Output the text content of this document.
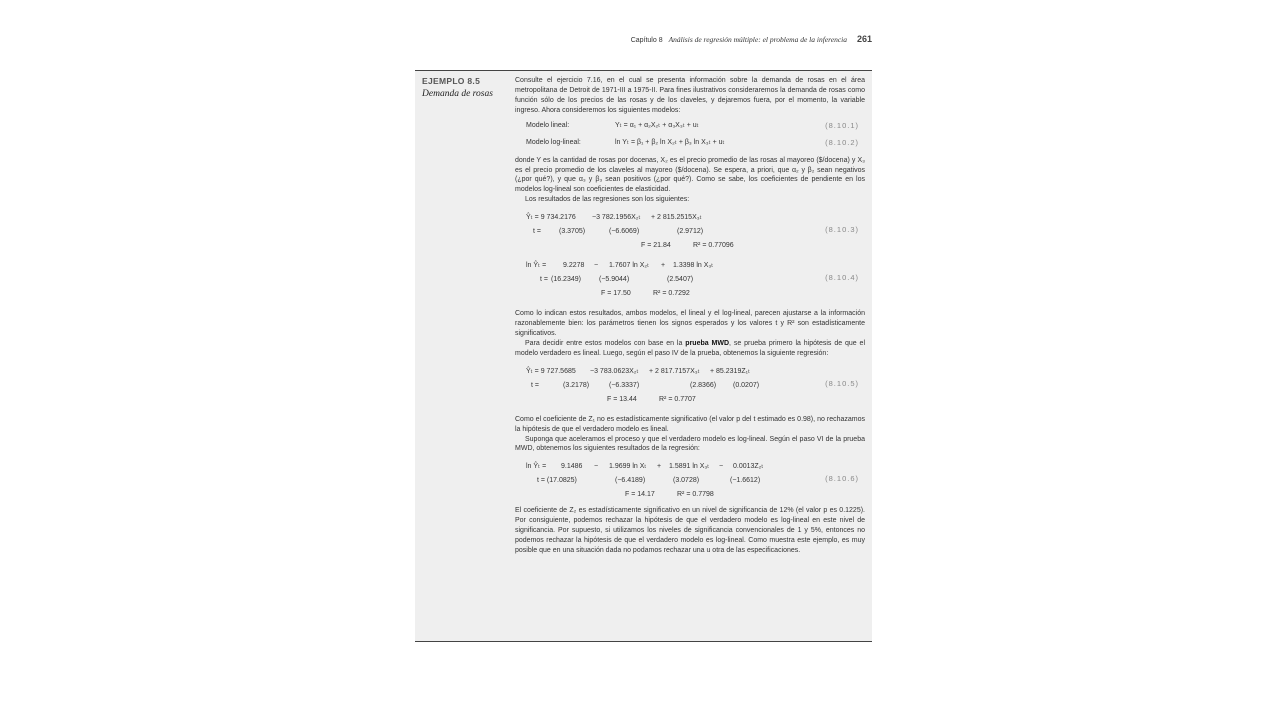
Capítulo 8 Análisis de regresión múltiple: el problema de la inferencia 261
EJEMPLO 8.5
Demanda de rosas

Consulte el ejercicio 7.16, en el cual se presenta información sobre la demanda de rosas en el área metropolitana de Detroit de 1971-III a 1975-II. Para fines ilustrativos consideraremos la demanda de rosas como función sólo de los precios de las rosas y de los claveles, y dejaremos fuera, por el momento, la variable ingreso. Ahora consideremos los siguientes modelos:

Modelo lineal:	Yₜ = α₁ + α₂X₂ₜ + α₃X₃ₜ + uₜ	(8.10.1)
Modelo log-lineal:	ln Yₜ = β₁ + β₂ ln X₂ₜ + β₃ ln X₃ₜ + uₜ	(8.10.2)

donde Y es la cantidad de rosas por docenas, X₂ es el precio promedio de las rosas al mayoreo ($/docena) y X₃ es el precio promedio de los claveles al mayoreo ($/docena). Se espera, a priori, que α₂ y β₂ sean negativos (¿por qué?), y que α₃ y β₃ sean positivos (¿por qué?). Como se sabe, los coeficientes de pendiente en los modelos log-lineal son coeficientes de elasticidad.

Los resultados de las regresiones son los siguientes:

Ŷₜ = 9 734.2176 −3 782.1956X₂ₜ + 2 815.2515X₃ₜ
t =	(3.3705)	(−6.6069)	(2.9712)	(8.10.3)
F = 21.84	R² = 0.77096
ln Ŷₜ = 9.2278 − 1.7607 ln X₂ₜ + 1.3398 ln X₃ₜ
t = (16.2349)	(−5.9044)	(2.5407)	(8.10.4)
F = 17.50	R² = 0.7292

Como lo indican estos resultados, ambos modelos, el lineal y el log-lineal, parecen ajustarse a la información razonablemente bien: los parámetros tienen los signos esperados y los valores t y R² son estadísticamente significativos.

Para decidir entre estos modelos con base en la prueba MWD, se prueba primero la hipótesis de que el modelo verdadero es lineal. Luego, según el paso IV de la prueba, obtenemos la siguiente regresión:

Ŷₜ = 9 727.5685 −3 783.0623X₂ₜ + 2 817.7157X₃ₜ + 85.2319Z₁ₜ
t =	(3.2178)	(−6.3337)	(2.8366) (0.0207)	(8.10.5)
F = 13.44	R² = 0.7707

Como el coeficiente de Z₁ no es estadísticamente significativo (el valor p del t estimado es 0.98), no rechazamos la hipótesis de que el verdadero modelo es lineal.

Suponga que aceleramos el proceso y que el verdadero modelo es log-lineal. Según el paso VI de la prueba MWD, obtenemos los siguientes resultados de la regresión:

ln Ŷₜ = 9.1486 − 1.9699 ln Xₜ + 1.5891 ln X₃ₜ − 0.0013Z₂ₜ
t = (17.0825)	(−6.4189)	(3.0728)	(−1.6612)	(8.10.6)
F = 14.17	R² = 0.7798

El coeficiente de Z₂ es estadísticamente significativo en un nivel de significancia de 12% (el valor p es 0.1225). Por consiguiente, podemos rechazar la hipótesis de que el verdadero modelo es log-lineal en este nivel de significancia. Por supuesto, si utilizamos los niveles de significancia convencionales de 1 y 5%, entonces no podemos rechazar la hipótesis de que el verdadero modelo es log-lineal. Como muestra este ejemplo, es muy posible que en una situación dada no podamos rechazar una u otra de las especificaciones.
